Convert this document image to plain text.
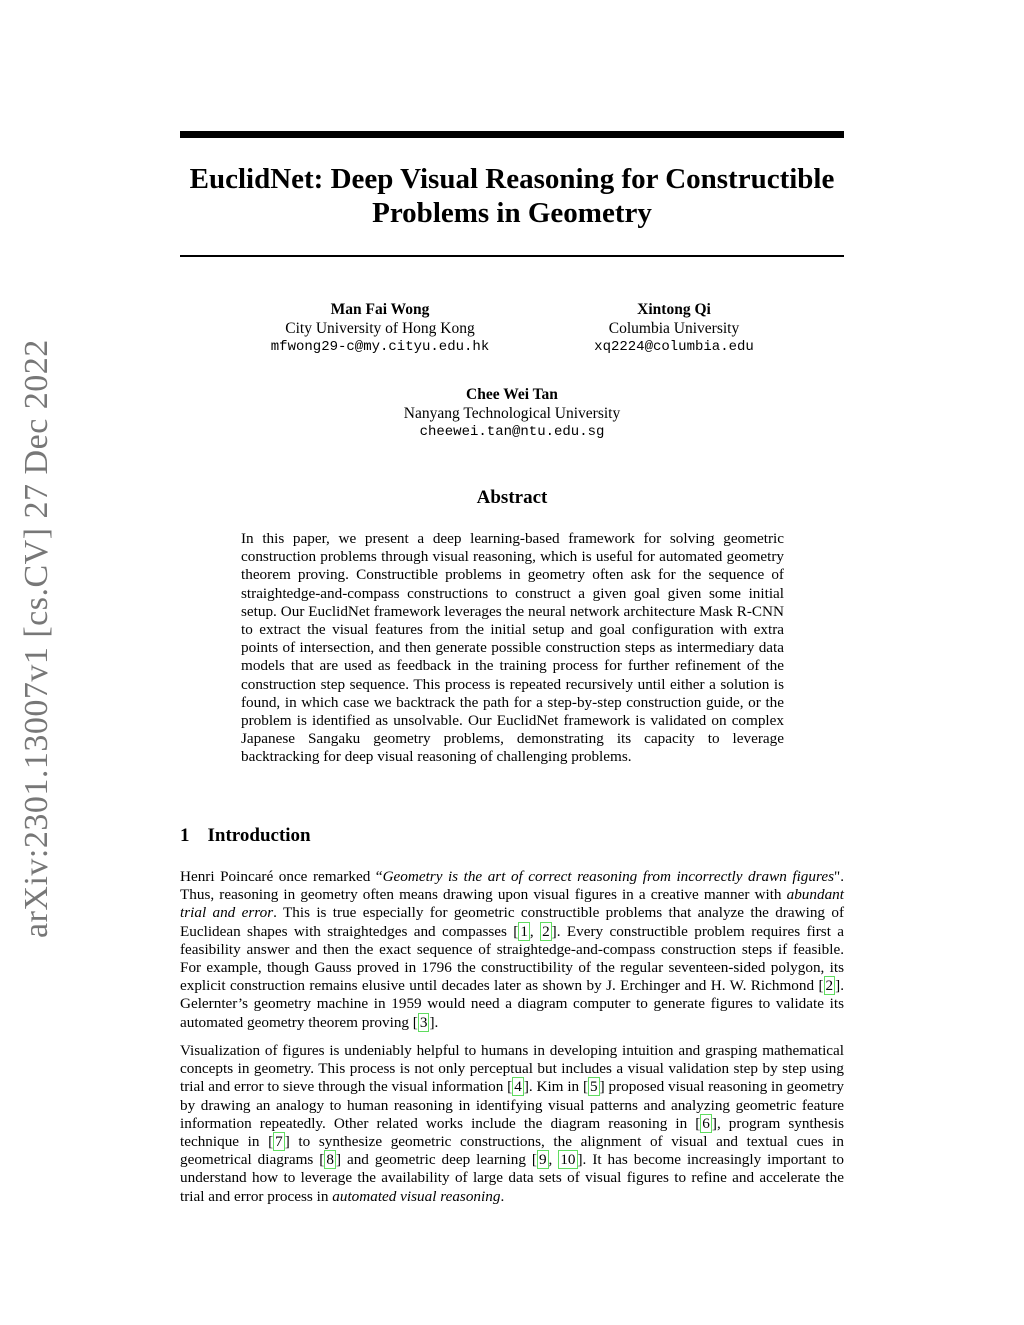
arXiv:2301.13007v1 [cs.CV] 27 Dec 2022
EuclidNet: Deep Visual Reasoning for Constructible
Problems in Geometry
Man Fai Wong
City University of Hong Kong
mfwong29-c@my.cityu.edu.hk
Xintong Qi
Columbia University
xq2224@columbia.edu
Chee Wei Tan
Nanyang Technological University
cheewei.tan@ntu.edu.sg
Abstract
In this paper, we present a deep learning-based framework for solving geometric construction problems through visual reasoning, which is useful for automated geometry theorem proving. Constructible problems in geometry often ask for the sequence of straightedge-and-compass constructions to construct a given goal given some initial setup. Our EuclidNet framework leverages the neural network architecture Mask R-CNN to extract the visual features from the initial setup and goal configuration with extra points of intersection, and then generate possible construction steps as intermediary data models that are used as feedback in the training process for further refinement of the construction step sequence. This process is repeated recursively until either a solution is found, in which case we backtrack the path for a step-by-step construction guide, or the problem is identified as unsolvable. Our EuclidNet framework is validated on complex Japanese Sangaku geometry problems, demonstrating its capacity to leverage backtracking for deep visual reasoning of challenging problems.
1 Introduction
Henri Poincaré once remarked “Geometry is the art of correct reasoning from incorrectly drawn figures". Thus, reasoning in geometry often means drawing upon visual figures in a creative manner with abundant trial and error. This is true especially for geometric constructible problems that analyze the drawing of Euclidean shapes with straightedges and compasses [ 1 , 2 ]. Every constructible problem requires first a feasibility answer and then the exact sequence of straightedge-and-compass construction steps if feasible. For example, though Gauss proved in 1796 the constructibility of the regular seventeen-sided polygon, its explicit construction remains elusive until decades later as shown by J. Erchinger and H. W. Richmond [ 2 ]. Gelernter’s geometry machine in 1959 would need a diagram computer to generate figures to validate its automated geometry theorem proving [ 3 ].
Visualization of figures is undeniably helpful to humans in developing intuition and grasping mathematical concepts in geometry. This process is not only perceptual but includes a visual validation step by step using trial and error to sieve through the visual information [ 4 ]. Kim in [ 5 ] proposed visual reasoning in geometry by drawing an analogy to human reasoning in identifying visual patterns and analyzing geometric feature information repeatedly. Other related works include the diagram reasoning in [ 6 ], program synthesis technique in [ 7 ] to synthesize geometric constructions, the alignment of visual and textual cues in geometrical diagrams [ 8 ] and geometric deep learning [ 9 , 10 ]. It has become increasingly important to understand how to leverage the availability of large data sets of visual figures to refine and accelerate the trial and error process in automated visual reasoning.
